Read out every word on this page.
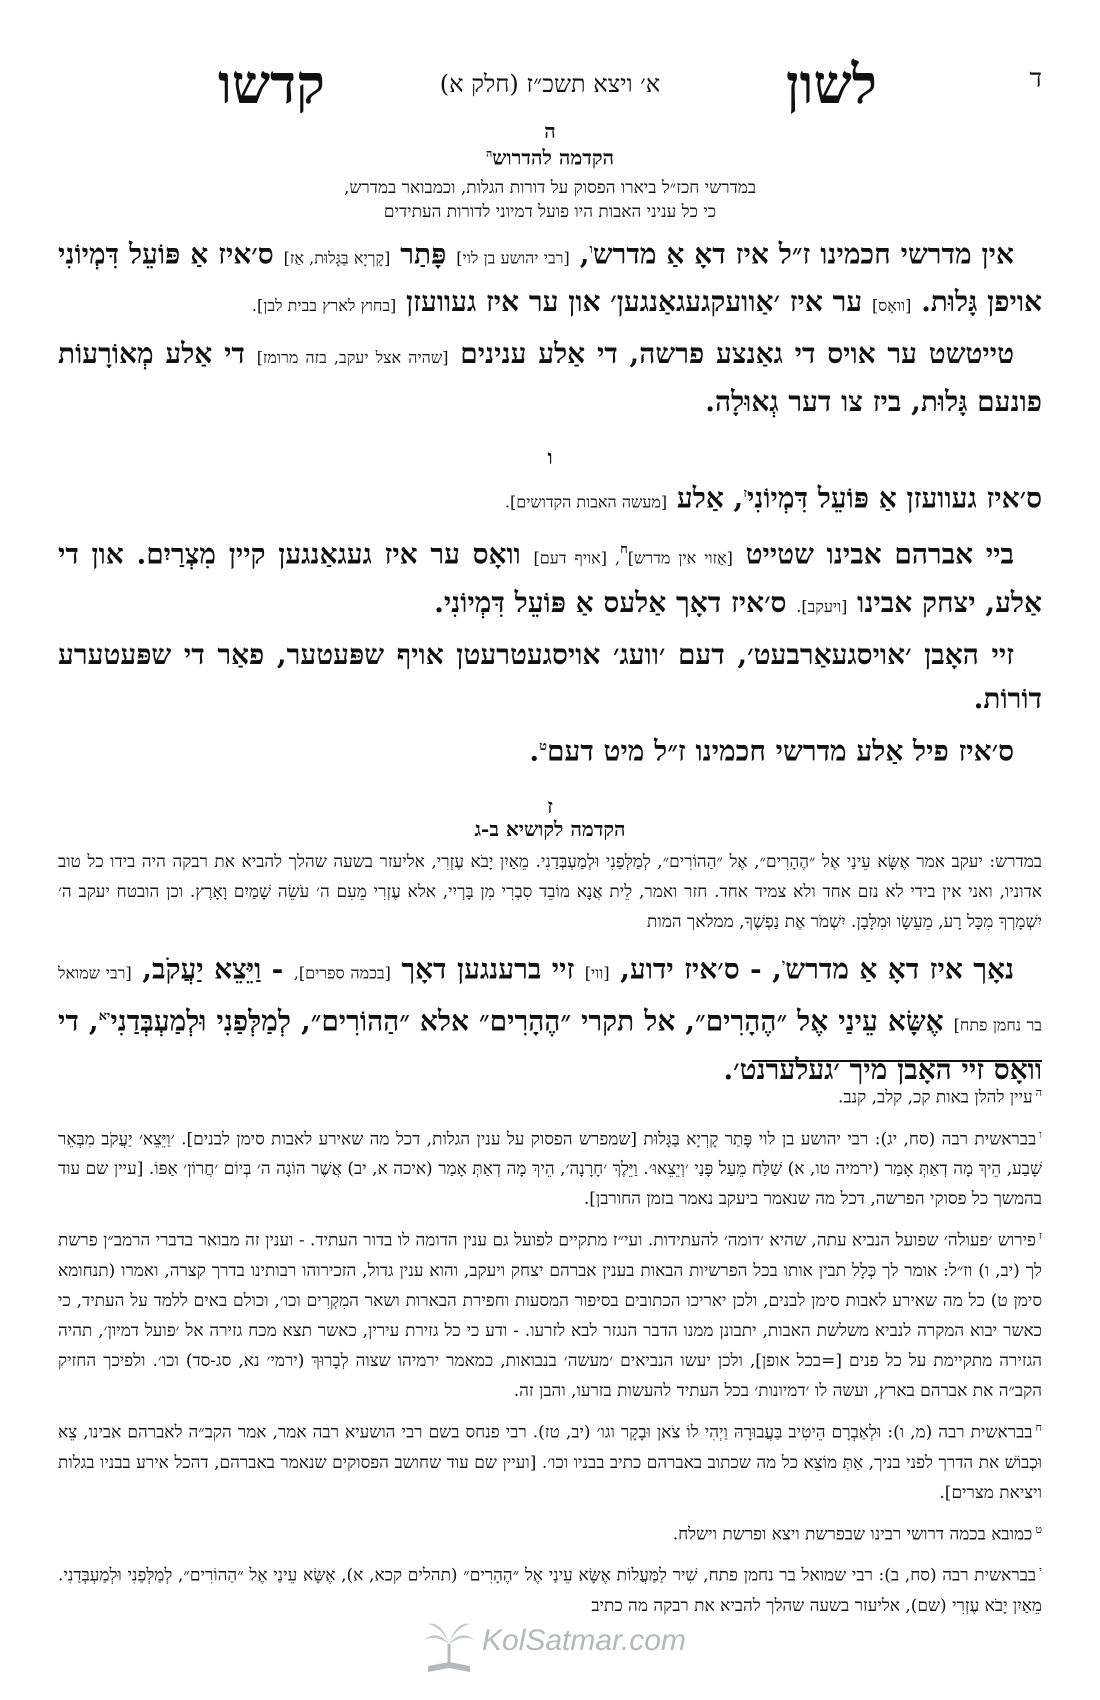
ד
לשון
א׳ ויצא תשכ״ז (חלק א)
קדשו

ה

הקדמה להדרוש$^ה$

במדרשי חכז״ל ביארו הפסוק על דורות הגלות, וכמבואר במדרש,

כי כל עניני האבות היו פועל דמיוני לדורות העתידים

אין מדרשי חכמינו ז״ל איז דאָ אַ מדרש$^ו$, [רבי יהושע בן לוי] פָּתַר [קָרְיָא בַּגָּלוּת, אַז] ס׳איז אַ פּוֹעֵל דִּמְיוֹנִי אויפן גָּלוּת. [וואָס] ער איז ׳אַוועקגעגאַנגען׳ און ער איז געוועזן [בחוץ לארץ בבית לבן].

טייטשט ער אויס די גאַנצע פרשה, די אַלע ענינים [שהיה אצל יעקב, בזה מרומז] די אַלע מְאוֹרָעוֹת פונעם גָּלוּת, ביז צו דער גְאוּלָה.

ו

ס׳איז געוועזן אַ פּוֹעֵל דִּמְיוֹנִי$^ז$, אַלע [מעשה האבות הקדושים].

ביי אברהם אבינו שטייט [אַזוי אין מדרש]$^ח$, [אויף דעם] וואָס ער איז געגאַנגען קיין מִצְרַיִם. און די אַלע, יצחק אבינו [ויעקב]. ס׳איז דאָך אַלעס אַ פּוֹעֵל דִּמְיוֹנִי.

זיי האָבן ׳אויסגעאַרבעט׳, דעם ׳וועג׳ אויסגעטרעטן אויף שפּעטער, פאַר די שפּעטערע דוֹרוֹת.

ס׳איז פיל אַלע מדרשי חכמינו ז״ל מיט דעם$^ט$.

ז

הקדמה לקושיא ב-ג

במדרש: יעקב אמר אֶשָּׂא עֵינַי אֶל ״הֶהָרִים״, אֶל ״הַהוֹרִים״, לְמַלְּפַנִי וּלְמַעְבְּדַנִי. מֵאַיִן יָבֹא עֶזְרִי, אליעזר בשעה שהלך להביא את רבקה היה בידו כל טוב אדוניו, ואני אין בידי לא נזם אחד ולא צמיד אחד. חזר ואמר, לֵית אֲנָא מוֹבֵד סִבְרִי מִן בָּרְיִי, אלא עֶזְרִי מֵעִם ה׳ עֹשֵׂה שָׁמַיִם וָאָרֶץ. וכן הובטח יעקב ה׳ יִשְׁמָרְךָ מִכָּל רָע, מֵעֵשָׂו וּמִלָּבָן. יִשְׁמֹר אֶת נַפְשֶׁךָ, ממלאך המות

נאָך איז דאָ אַ מדרש$^י$, - ס׳איז ידוע, [ווי] זיי ברענגען דאָך [בכמה ספרים], - וַיֵּצֵא יַעֲקֹב, [רבי שמואל בר נחמן פתח] אֶשָּׂא עֵינַי אֶל ״הֶהָרִים״, אל תקרי ״הֶהָרִים״ אלא ״הַהוֹרִים״, לְמַלְּפַנִי וּלְמַעְבְּדַנִי$^{יא}$, די וואָס זיי האָבן מיך ׳געלערנט׳.

$^ה$עיין להלן באות קכ, קלב, קנב.

$^ו$בבראשית רבה (סח, יג): רבי יהושע בן לוי פָּתַר קָרְיָא בַּגָּלוּת [שמפרש הפסוק על ענין הגלות, דכל מה שאירע לאבות סימן לבנים]. ׳וַיֵּצֵא׳ יַעֲקֹב מִבְּאֵר שָׁבַע, הֵיךְ מָה דְאַתְּ אָמַר (ירמיה טו, א) שַׁלַּח מֵעַל פָּנַי ׳וְיֵצֵאוּ׳. וַיֵּלֶךְ ׳חָרָנָה׳, הֵיךְ מָה דְאַתְּ אָמַר (איכה א, יב) אֲשֶׁר הוֹגָה ה׳ בְּיוֹם ׳חֲרוֹן׳ אַפּוֹ. [עיין שם עוד בהמשך כל פסוקי הפרשה, דכל מה שנאמר ביעקב נאמר בזמן החורבן].

$^ז$פירוש ׳פעולה׳ שפועל הנביא עתה, שהיא ׳דומה׳ להעתידות. ועי״ז מתקיים לפועל גם ענין הדומה לו בדור העתיד. - וענין זה מבואר בדברי הרמב״ן פרשת לך (יב, ו) וז״ל: אומר לך כְּלָל תבין אותו בכל הפרשיות הבאות בענין אברהם יצחק ויעקב, והוא ענין גדול, הזכירוהו רבותינו בדרך קצרה, ואמרו (תנחומא סימן ט) כל מה שאירע לאבות סימן לבנים, ולכן יאריכו הכתובים בסיפור המסעות וחפירת הבארות ושאר המִקְרִים וכו׳, וכולם באים ללמד על העתיד, כי כאשר יבוא המקרה לנביא משלשת האבות, יתבונן ממנו הדבר הנגזר לבא לזרעו. - ודע כי כל גזירת עירין, כאשר תצא מכח גזירה אל ׳פועל דמיון׳, תהיה הגזירה מתקיימת על כל פנים [=בכל אופן], ולכן יעשו הנביאים ׳מעשה׳ בנבואות, כמאמר ירמיהו שצוה לְבָרוּךְ (ירמי׳ נא, סג-סד) וכו׳. ולפיכך החזיק הקב״ה את אברהם בארץ, ועשה לו ׳דמיונות׳ בכל העתיד להעשות בזרעו, והבן זה.

$^ח$בבראשית רבה (מ, ו): וּלְאַבְרָם הֵיטִיב בַּעֲבוּרָהּ וַיְהִי לוֹ צֹאן וּבָקָר וגו׳ (יב, טז). רבי פנחס בשם רבי הושעיא רבה אמר, אמר הקב״ה לאברהם אבינו, צֵא וּכְבוֹשׁ את הדרך לפני בניך, אַתְּ מוֹצֵא כל מה שכתוב באברהם כתיב בבניו וכו׳. [ועיין שם עוד שחושב הפסוקים שנאמר באברהם, דהכל אירע בבניו בגלות ויציאת מצרים].

$^ט$כמובא בכמה דרושי רבינו שבפרשת ויצא ופרשת וישלח.

$^י$בבראשית רבה (סח, ב): רבי שמואל בר נחמן פתח, שִׁיר לַמַּעֲלוֹת אֶשָּׂא עֵינַי אֶל ״הֶהָרִים״ (תהלים קכא, א), אֶשָּׂא עֵינַי אֶל ״הַהוֹרִים״, לְמַלְּפַנִי וּלְמַעְבְּדַנִי. מֵאַיִן יָבֹא עֶזְרִי (שם), אליעזר בשעה שהלך להביא את רבקה מה כתיב

KolSatmar.com
